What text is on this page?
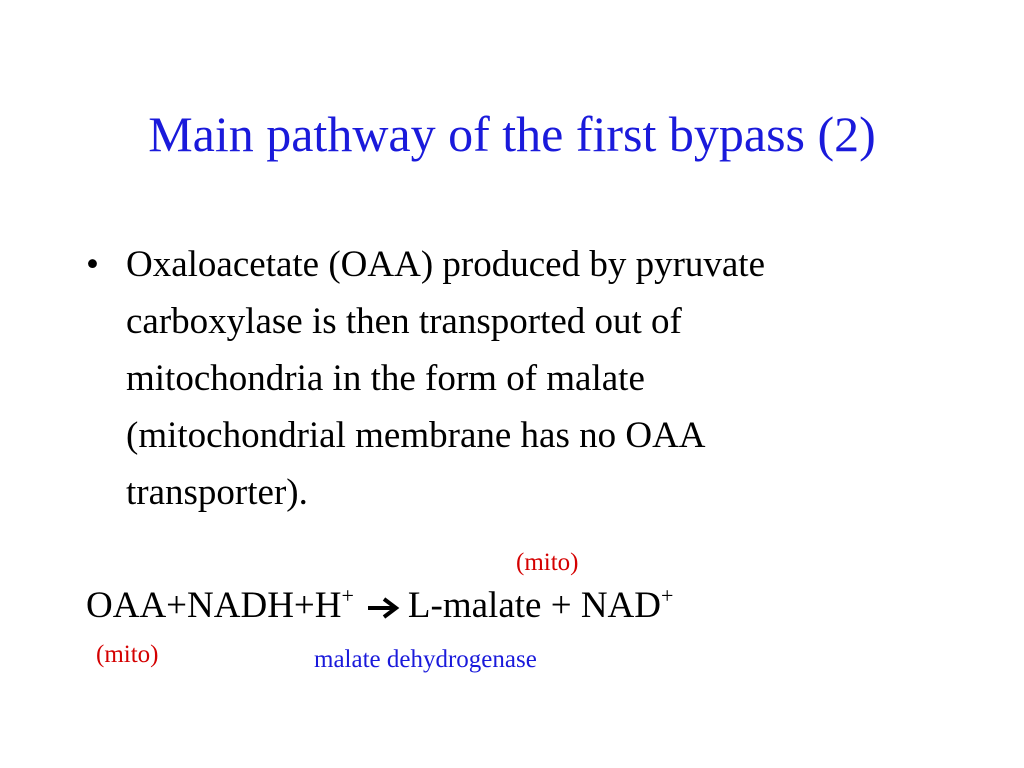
Main pathway of the first bypass (2)
• Oxaloacetate (OAA) produced by pyruvate
carboxylase is then transported out of
mitochondria in the form of malate
(mitochondrial membrane has no OAA
transporter).
(mito)
OAA+NADH+H+ L-malate + NAD+
(mito)	malate dehydrogenase
